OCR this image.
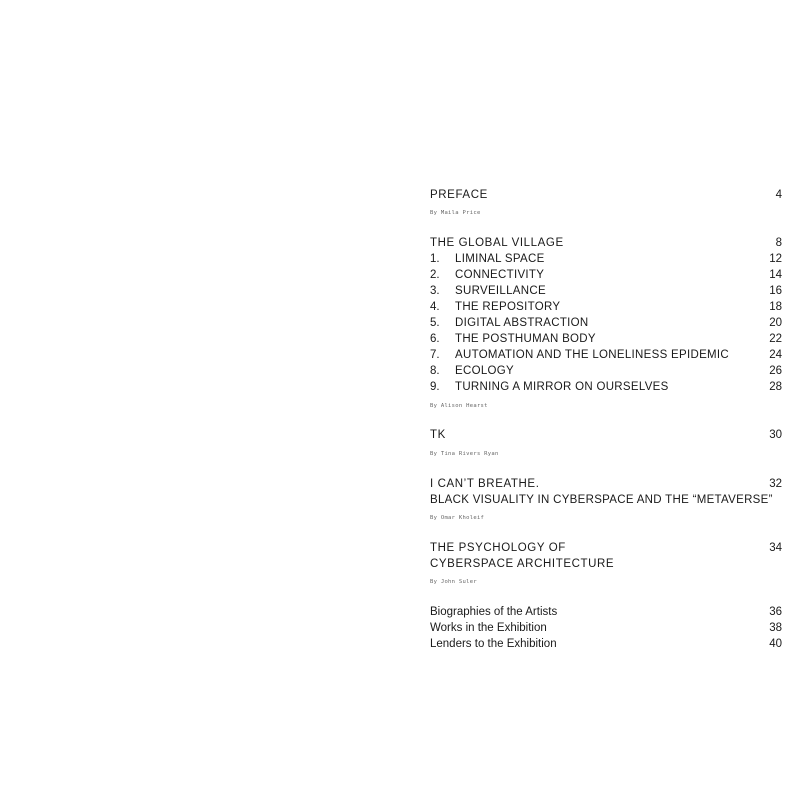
PREFACE	4
By Maila Price
THE GLOBAL VILLAGE	8
1. LIMINAL SPACE	12
2. CONNECTIVITY	14
3. SURVEILLANCE	16
4. THE REPOSITORY	18
5. DIGITAL ABSTRACTION	20
6. THE POSTHUMAN BODY	22
7. AUTOMATION AND THE LONELINESS EPIDEMIC	24
8. ECOLOGY	26
9. TURNING A MIRROR ON OURSELVES	28
By Alison Hearst
TK	30
By Tina Rivers Ryan
I CAN’T BREATHE.	32
BLACK VISUALITY IN CYBERSPACE AND THE “METAVERSE”
By Omar Kholeif
THE PSYCHOLOGY OF	34
CYBERSPACE ARCHITECTURE
By John Suler
Biographies of the Artists	36
Works in the Exhibition	38
Lenders to the Exhibition	40
